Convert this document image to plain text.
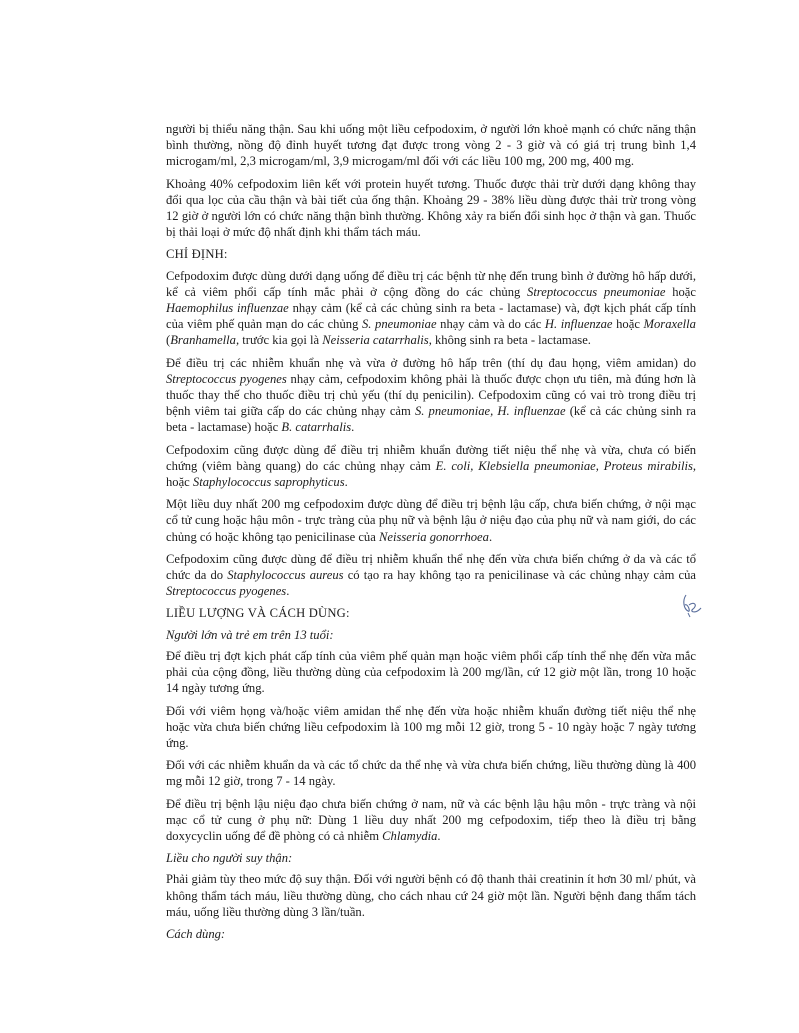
người bị thiểu năng thận. Sau khi uống một liều cefpodoxim, ở người lớn khoẻ mạnh có chức năng thận bình thường, nồng độ đỉnh huyết tương đạt được trong vòng 2 - 3 giờ và có giá trị trung bình 1,4 microgam/ml, 2,3 microgam/ml, 3,9 microgam/ml đối với các liều 100 mg, 200 mg, 400 mg.

Khoảng 40% cefpodoxim liên kết với protein huyết tương. Thuốc được thải trừ dưới dạng không thay đổi qua lọc của cầu thận và bài tiết của ống thận. Khoảng 29 - 38% liều dùng được thải trừ trong vòng 12 giờ ở người lớn có chức năng thận bình thường. Không xảy ra biến đổi sinh học ở thận và gan. Thuốc bị thải loại ở mức độ nhất định khi thẩm tách máu.

CHỈ ĐỊNH:

Cefpodoxim được dùng dưới dạng uống để điều trị các bệnh từ nhẹ đến trung bình ở đường hô hấp dưới, kể cả viêm phổi cấp tính mắc phải ở cộng đồng do các chủng Streptococcus pneumoniae hoặc Haemophilus influenzae nhạy cảm (kể cả các chủng sinh ra beta - lactamase) và, đợt kịch phát cấp tính của viêm phế quản mạn do các chủng S. pneumoniae nhạy cảm và do các H. influenzae hoặc Moraxella (Branhamella, trước kia gọi là Neisseria catarrhalis, không sinh ra beta - lactamase.

Để điều trị các nhiễm khuẩn nhẹ và vừa ở đường hô hấp trên (thí dụ đau họng, viêm amidan) do Streptococcus pyogenes nhạy cảm, cefpodoxim không phải là thuốc được chọn ưu tiên, mà đúng hơn là thuốc thay thế cho thuốc điều trị chủ yếu (thí dụ penicilin). Cefpodoxim cũng có vai trò trong điều trị bệnh viêm tai giữa cấp do các chủng nhạy cảm S. pneumoniae, H. influenzae (kể cả các chủng sinh ra beta - lactamase) hoặc B. catarrhalis.

Cefpodoxim cũng được dùng để điều trị nhiễm khuẩn đường tiết niệu thể nhẹ và vừa, chưa có biến chứng (viêm bàng quang) do các chủng nhạy cảm E. coli, Klebsiella pneumoniae, Proteus mirabilis, hoặc Staphylococcus saprophyticus.

Một liều duy nhất 200 mg cefpodoxim được dùng để điều trị bệnh lậu cấp, chưa biến chứng, ở nội mạc cổ tử cung hoặc hậu môn - trực tràng của phụ nữ và bệnh lậu ở niệu đạo của phụ nữ và nam giới, do các chủng có hoặc không tạo penicilinase của Neisseria gonorrhoea.

Cefpodoxim cũng được dùng để điều trị nhiễm khuẩn thể nhẹ đến vừa chưa biến chứng ở da và các tổ chức da do Staphylococcus aureus có tạo ra hay không tạo ra penicilinase và các chủng nhạy cảm của Streptococcus pyogenes.

LIỀU LƯỢNG VÀ CÁCH DÙNG:

Người lớn và trẻ em trên 13 tuổi:

Để điều trị đợt kịch phát cấp tính của viêm phế quản mạn hoặc viêm phổi cấp tính thể nhẹ đến vừa mắc phải của cộng đồng, liều thường dùng của cefpodoxim là 200 mg/lần, cứ 12 giờ một lần, trong 10 hoặc 14 ngày tương ứng.

Đối với viêm họng và/hoặc viêm amidan thể nhẹ đến vừa hoặc nhiễm khuẩn đường tiết niệu thể nhẹ hoặc vừa chưa biến chứng liều cefpodoxim là 100 mg mỗi 12 giờ, trong 5 - 10 ngày hoặc 7 ngày tương ứng.

Đối với các nhiễm khuẩn da và các tổ chức da thể nhẹ và vừa chưa biến chứng, liều thường dùng là 400 mg mỗi 12 giờ, trong 7 - 14 ngày.

Để điều trị bệnh lậu niệu đạo chưa biến chứng ở nam, nữ và các bệnh lậu hậu môn - trực tràng và nội mạc cổ tử cung ở phụ nữ: Dùng 1 liều duy nhất 200 mg cefpodoxim, tiếp theo là điều trị bằng doxycyclin uống để đề phòng có cả nhiễm Chlamydia.

Liều cho người suy thận:

Phải giảm tùy theo mức độ suy thận. Đối với người bệnh có độ thanh thải creatinin ít hơn 30 ml/ phút, và không thẩm tách máu, liều thường dùng, cho cách nhau cứ 24 giờ một lần. Người bệnh đang thẩm tách máu, uống liều thường dùng 3 lần/tuần.

Cách dùng:
